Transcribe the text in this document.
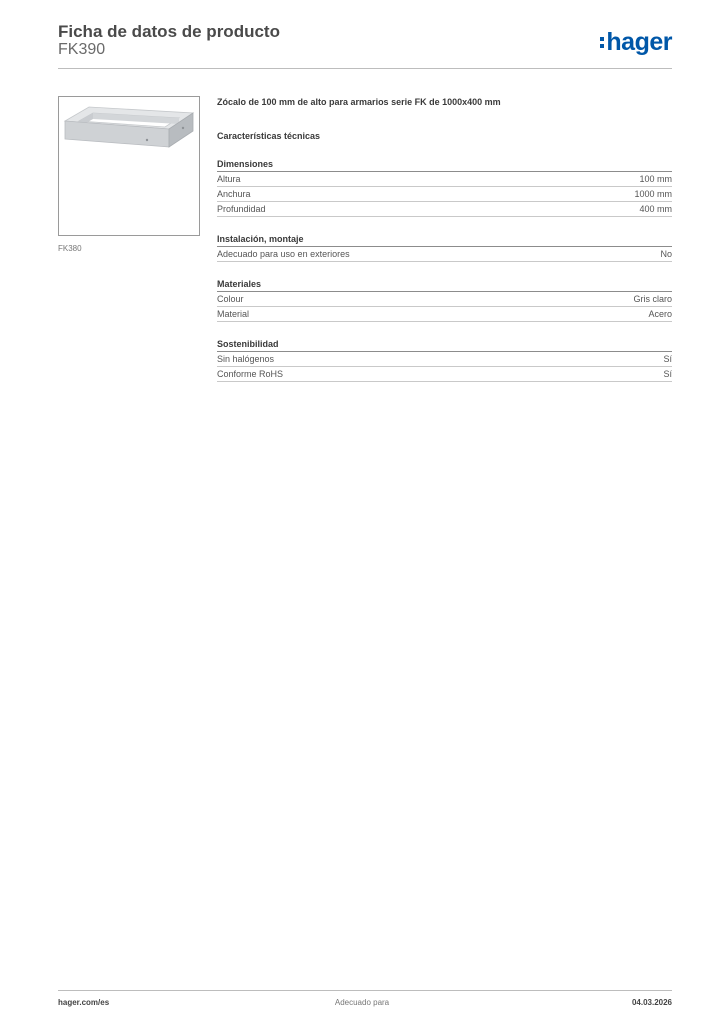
Ficha de datos de producto
FK390	hager
FK380
Zócalo de 100 mm de alto para armarios serie FK de 1000x400 mm
Características técnicas
Dimensiones
Altura	100 mm
Anchura	1000 mm
Profundidad	400 mm
Instalación, montaje
Adecuado para uso en exteriores	No
Materiales
Colour	Gris claro
Material	Acero
Sostenibilidad
Sin halógenos	Sí
Conforme RoHS	Sí
hager.com/es	Adecuado para	04.03.2026
